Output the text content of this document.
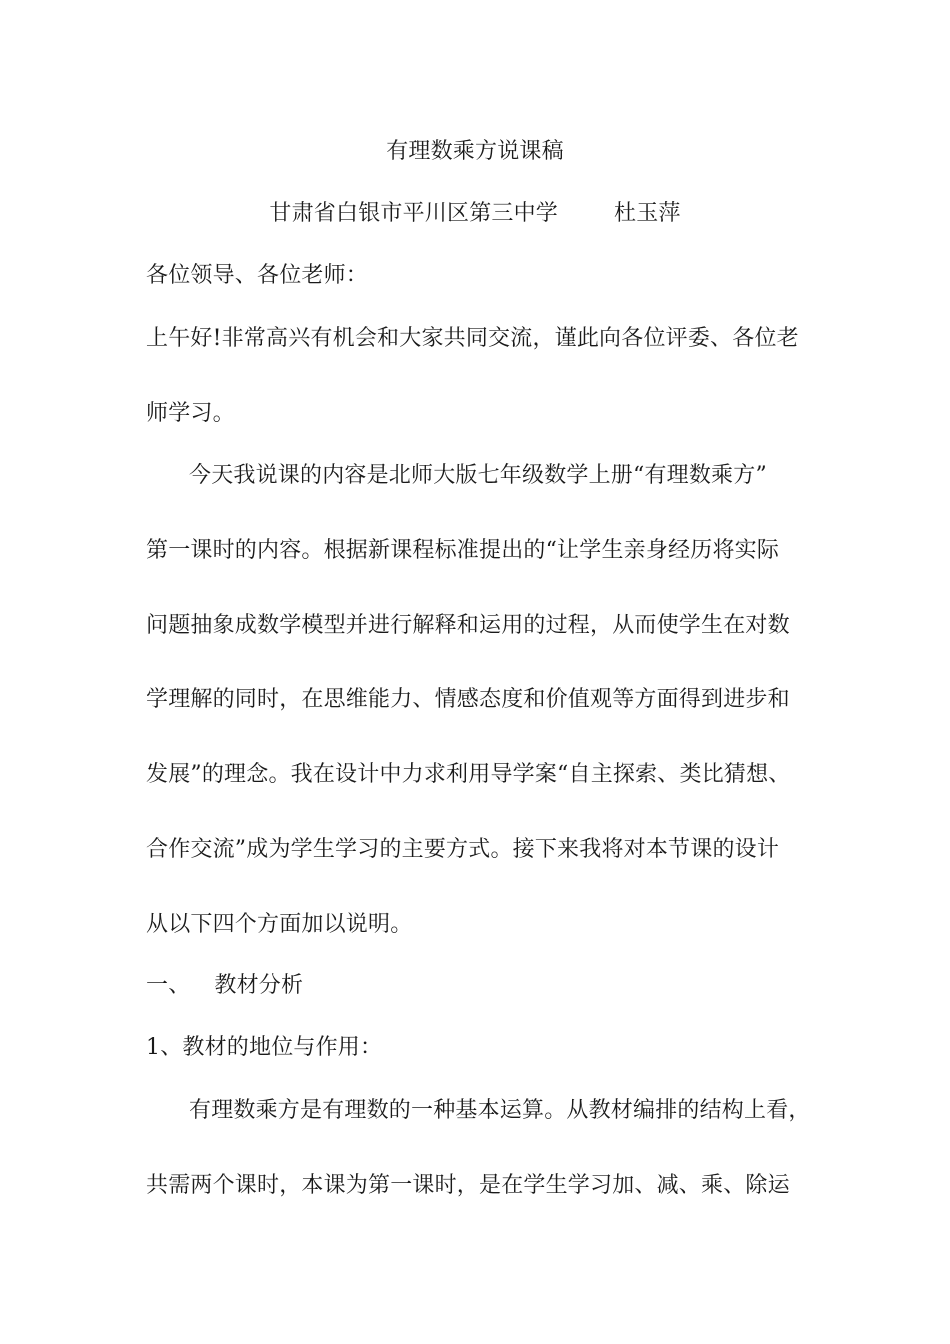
有理数乘方说课稿
甘肃省白银市平川区第三中学	杜玉萍
各位领导、各位老师：
上午好!非常高兴有机会和大家共同交流，谨此向各位评委、各位老
师学习。
今天我说课的内容是北师大版七年级数学上册“有理数乘方”
第一课时的内容。根据新课程标准提出的“让学生亲身经历将实际
问题抽象成数学模型并进行解释和运用的过程，从而使学生在对数
学理解的同时，在思维能力、情感态度和价值观等方面得到进步和
发展”的理念。我在设计中力求利用导学案“自主探索、类比猜想、
合作交流”成为学生学习的主要方式。接下来我将对本节课的设计
从以下四个方面加以说明。
一、 教材分析
1、教材的地位与作用：
有理数乘方是有理数的一种基本运算。从教材编排的结构上看，
共需两个课时，本课为第一课时，是在学生学习加、减、乘、除运
